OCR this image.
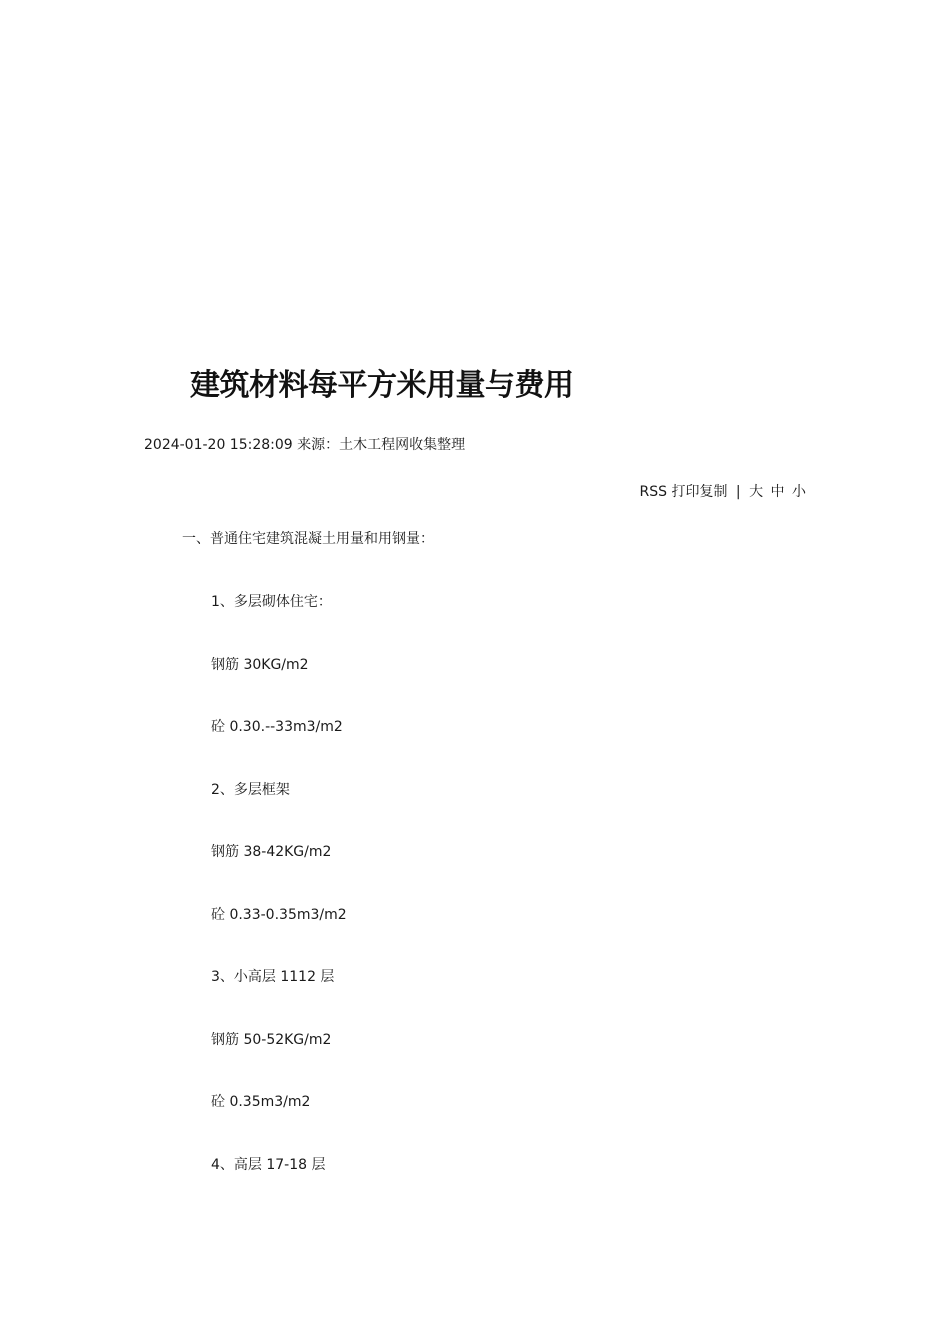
建筑材料每平方米用量与费用
2024-01-20 15:28:09 来源：土木工程网收集整理
RSS 打印复制 | 大 中 小
一、普通住宅建筑混凝土用量和用钢量：
1、多层砌体住宅：
钢筋 30KG/m2
砼 0.30.--33m3/m2
2、多层框架
钢筋 38-42KG/m2
砼 0.33-0.35m3/m2
3、小高层 1112 层
钢筋 50-52KG/m2
砼 0.35m3/m2
4、高层 17-18 层
